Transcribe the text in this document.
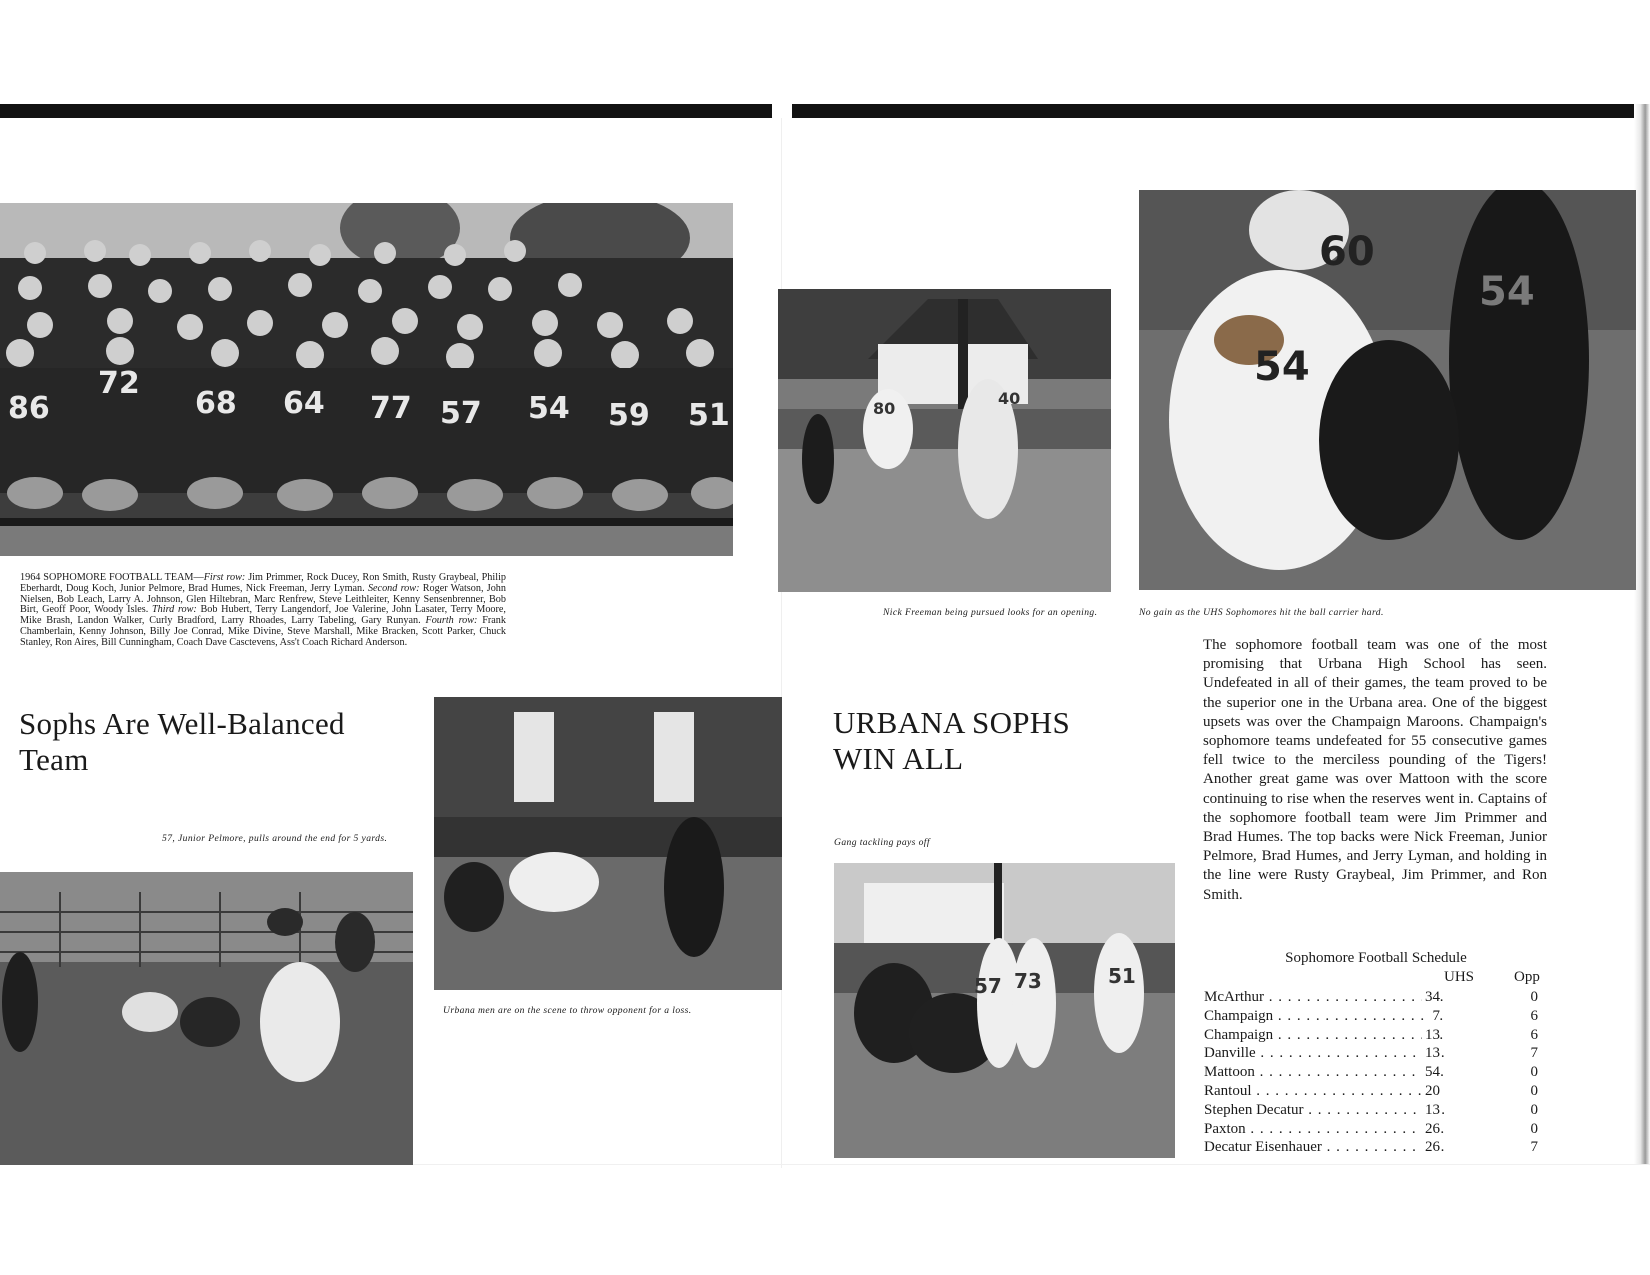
86
72
68 64 77 57 54 59 51
1964 SOPHOMORE FOOTBALL TEAM—First row: Jim Primmer, Rock Ducey, Ron Smith, Rusty Graybeal, Philip Eberhardt, Doug Koch, Junior Pelmore, Brad Humes, Nick Freeman, Jerry Lyman. Second row: Roger Watson, John Nielsen, Bob Leach, Larry A. Johnson, Glen Hiltebran, Marc Renfrew, Steve Leithleiter, Kenny Sensenbrenner, Bob Birt, Geoff Poor, Woody Isles. Third row: Bob Hubert, Terry Langendorf, Joe Valerine, John Lasater, Terry Moore, Mike Brash, Landon Walker, Curly Bradford, Larry Rhoades, Larry Tabeling, Gary Runyan. Fourth row: Frank Chamberlain, Kenny Johnson, Billy Joe Conrad, Mike Divine, Steve Marshall, Mike Bracken, Scott Parker, Chuck Stanley, Ron Aires, Bill Cunningham, Coach Dave Casctevens, Ass't Coach Richard Anderson.
Sophs Are Well-Balanced
Team
57, Junior Pelmore, pulls around the end for 5 yards.
Urbana men are on the scene to throw opponent for a loss.
80
40
Nick Freeman being pursued looks for an opening.
60
54
54
No gain as the UHS Sophomores hit the ball carrier hard.
URBANA SOPHS
WIN ALL
Gang tackling pays off
57 73	51
The sophomore football team was one of the most promising that Urbana High School has seen. Undefeated in all of their games, the team proved to be the superior one in the Urbana area. One of the biggest upsets was over the Champaign Maroons. Champaign's sophomore teams undefeated for 55 consecutive games fell twice to the merciless pounding of the Tigers! Another great game was over Mattoon with the score continuing to rise when the reserves went in. Captains of the sophomore football team were Jim Primmer and Brad Humes. The top backs were Nick Freeman, Junior Pelmore, Brad Humes, and Jerry Lyman, and holding in the line were Rusty Graybeal, Jim Primmer, and Ron Smith.
Sophomore Football Schedule
UHS	Opp
McArthur . . .	34	0
Champaign . . .	7	6
Champaign . . .	13	6
Danville . . .	13	7
Mattoon . . .	54	0
Rantoul . . .	20	0
Stephen Decatur . . .	13	0
Paxton . . .	26	0
Decatur Eisenhauer . . .	26	7
